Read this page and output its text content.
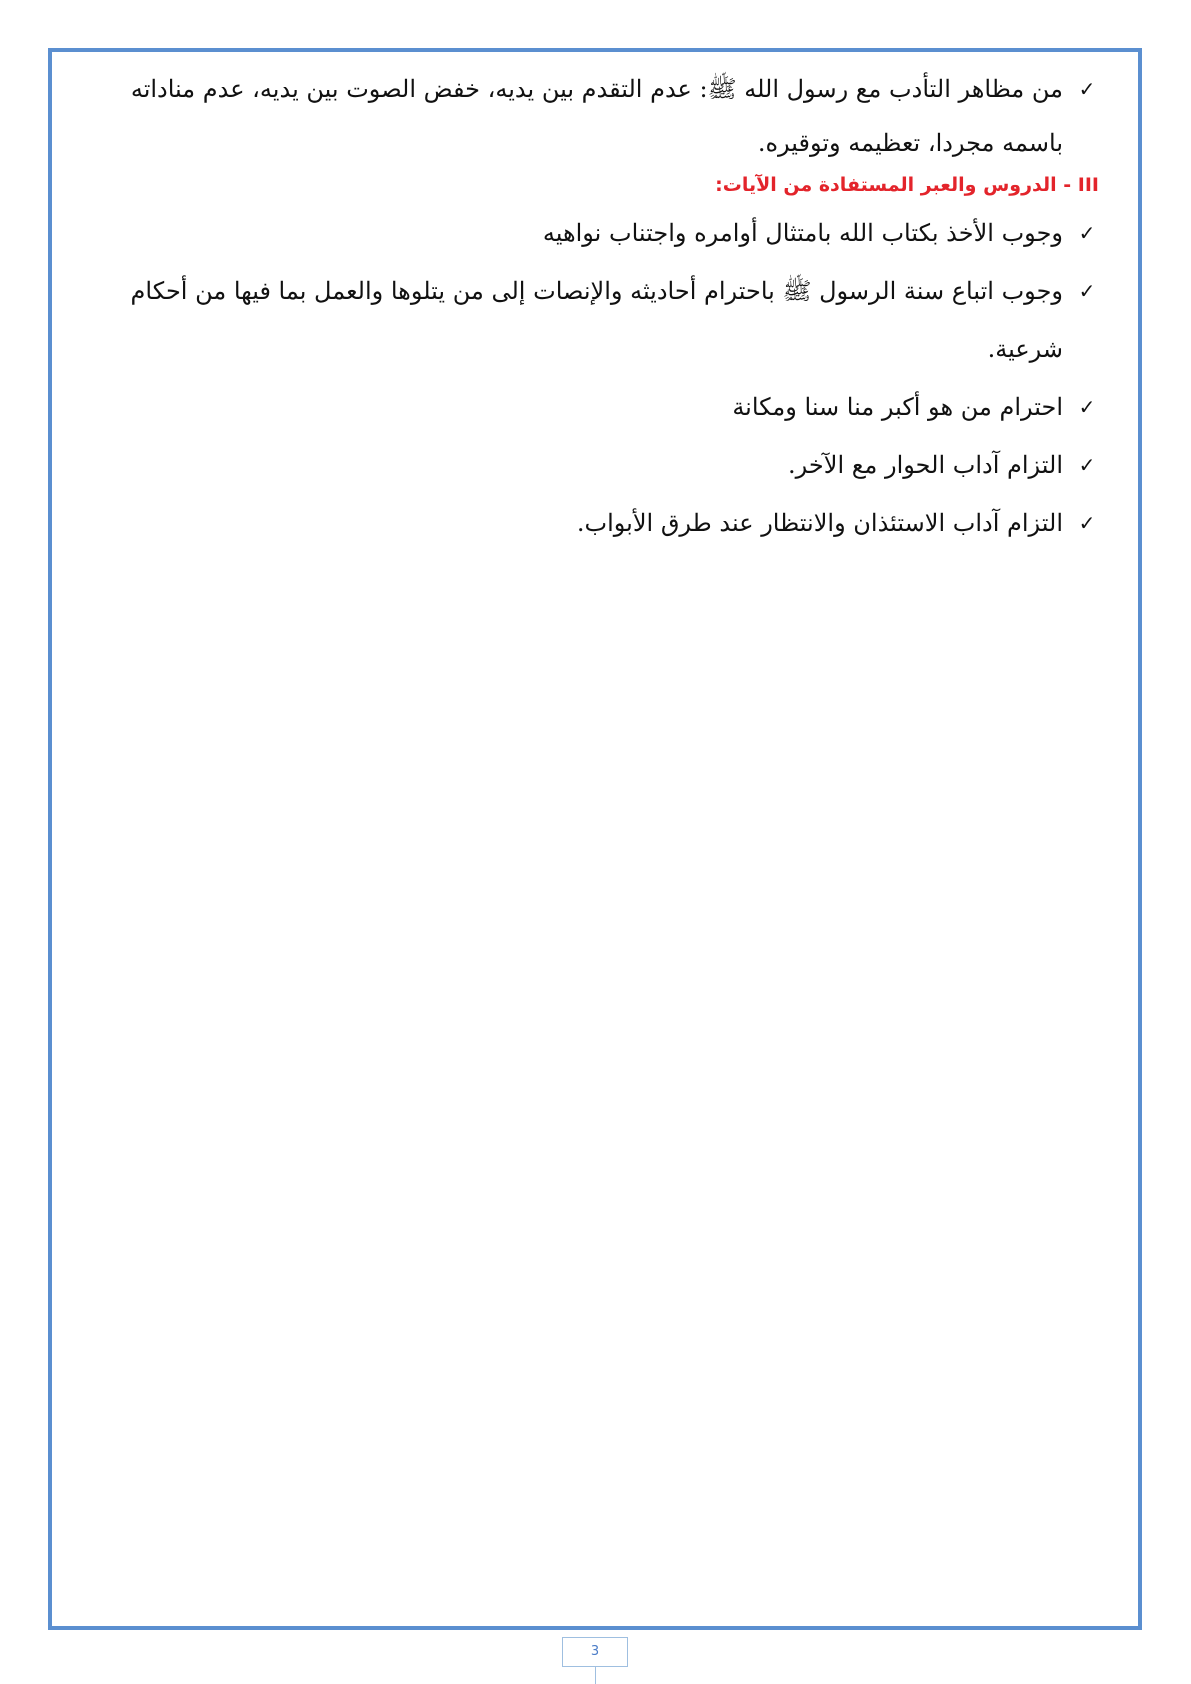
✓
من مظاهر التأدب مع رسول الله ﷺ: عدم التقدم بين يديه، خفض الصوت بين يديه، عدم مناداته باسمه مجردا، تعظيمه وتوقيره.

III - الدروس والعبر المستفادة من الآيات:

✓
وجوب الأخذ بكتاب الله بامتثال أوامره واجتناب نواهيه

✓
وجوب اتباع سنة الرسول ﷺ باحترام أحاديثه والإنصات إلى من يتلوها والعمل بما فيها من أحكام شرعية.

✓
احترام من هو أكبر منا سنا ومكانة

✓
التزام آداب الحوار مع الآخر.

✓
التزام آداب الاستئذان والانتظار عند طرق الأبواب.

3
